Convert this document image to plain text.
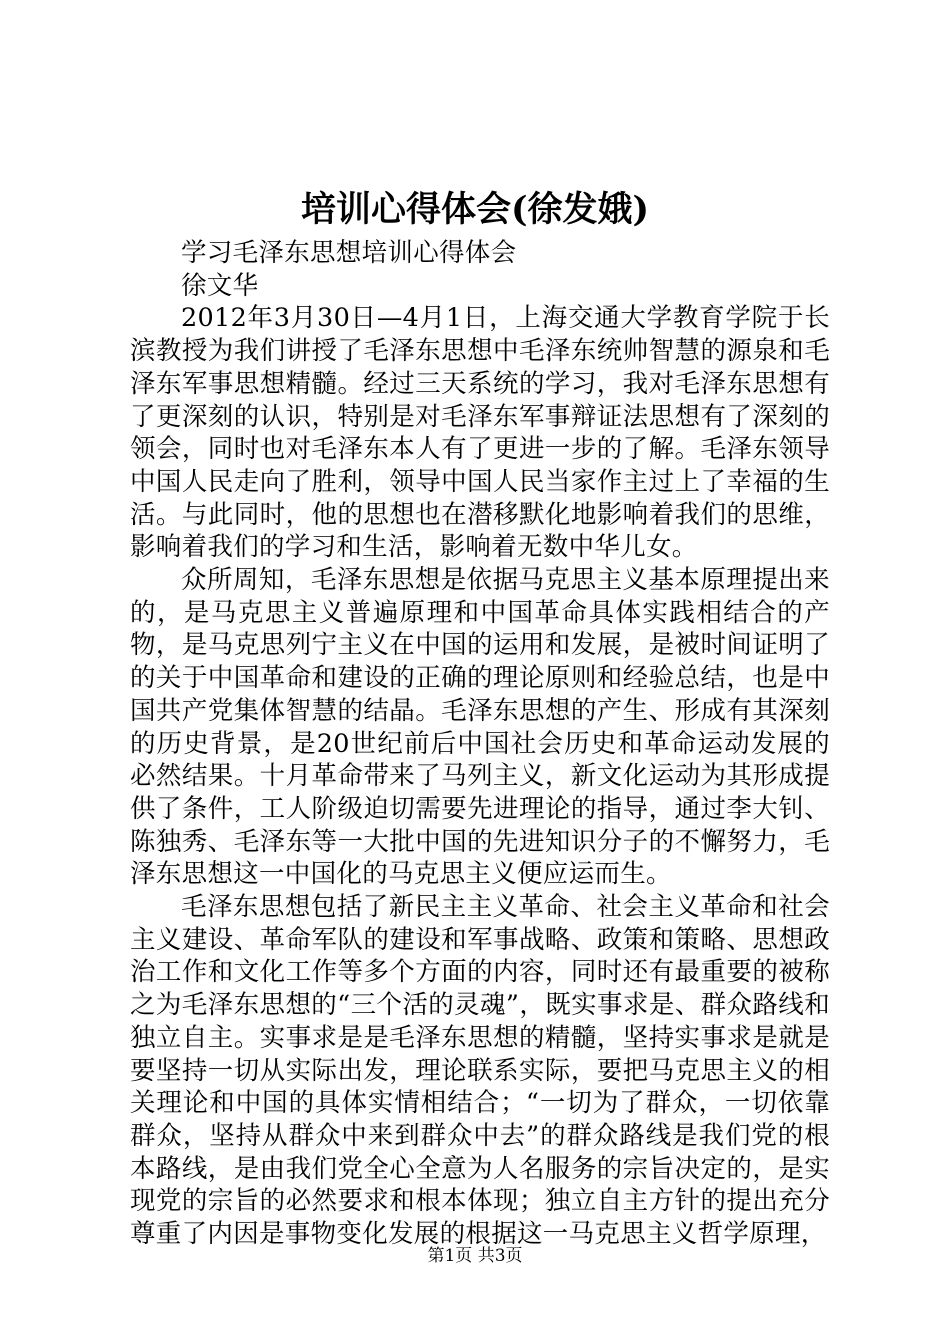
培训心得体会(徐发娥)

学习毛泽东思想培训心得体会

徐文华

2012年3月30日—4月1日，上海交通大学教育学院于长滨教授为我们讲授了毛泽东思想中毛泽东统帅智慧的源泉和毛泽东军事思想精髓。经过三天系统的学习，我对毛泽东思想有了更深刻的认识，特别是对毛泽东军事辩证法思想有了深刻的领会，同时也对毛泽东本人有了更进一步的了解。毛泽东领导中国人民走向了胜利，领导中国人民当家作主过上了幸福的生活。与此同时，他的思想也在潜移默化地影响着我们的思维，影响着我们的学习和生活，影响着无数中华儿女。

众所周知，毛泽东思想是依据马克思主义基本原理提出来的，是马克思主义普遍原理和中国革命具体实践相结合的产物，是马克思列宁主义在中国的运用和发展，是被时间证明了的关于中国革命和建设的正确的理论原则和经验总结，也是中国共产党集体智慧的结晶。毛泽东思想的产生、形成有其深刻的历史背景，是20世纪前后中国社会历史和革命运动发展的必然结果。十月革命带来了马列主义，新文化运动为其形成提供了条件，工人阶级迫切需要先进理论的指导，通过李大钊、陈独秀、毛泽东等一大批中国的先进知识分子的不懈努力，毛泽东思想这一中国化的马克思主义便应运而生。

毛泽东思想包括了新民主主义革命、社会主义革命和社会主义建设、革命军队的建设和军事战略、政策和策略、思想政治工作和文化工作等多个方面的内容，同时还有最重要的被称之为毛泽东思想的“三个活的灵魂”，既实事求是、群众路线和独立自主。实事求是是毛泽东思想的精髓，坚持实事求是就是要坚持一切从实际出发，理论联系实际，要把马克思主义的相关理论和中国的具体实情相结合；“一切为了群众，一切依靠群众，坚持从群众中来到群众中去”的群众路线是我们党的根本路线，是由我们党全心全意为人名服务的宗旨决定的，是实现党的宗旨的必然要求和根本体现；独立自主方针的提出充分尊重了内因是事物变化发展的根据这一马克思主义哲学原理，

第1页 共3页
